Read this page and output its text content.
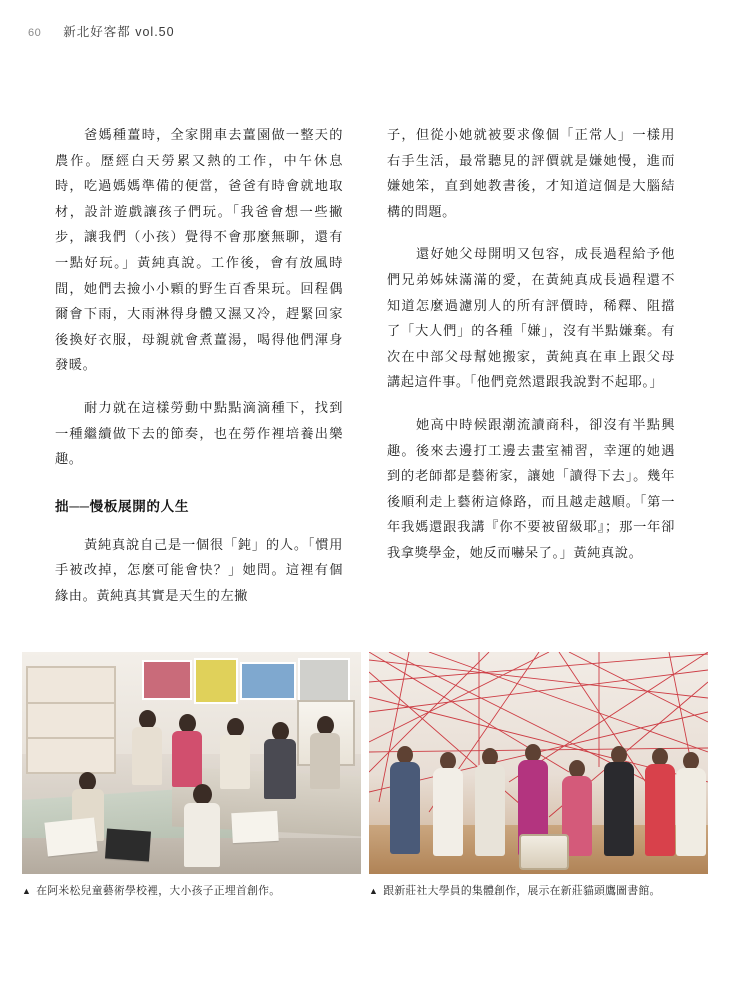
60 新北好客都 vol.50

爸媽種薑時，全家開車去薑園做一整天的農作。歷經白天勞累又熱的工作，中午休息時，吃過媽媽準備的便當，爸爸有時會就地取材，設計遊戲讓孩子們玩。「我爸會想一些撇步，讓我們（小孩）覺得不會那麼無聊，還有一點好玩。」黃純真說。工作後，會有放風時間，她們去撿小小顆的野生百香果玩。回程偶爾會下雨，大雨淋得身體又濕又冷，趕緊回家後換好衣服，母親就會煮薑湯，喝得他們渾身發暖。

耐力就在這樣勞動中點點滴滴種下，找到一種繼續做下去的節奏，也在勞作裡培養出樂趣。

拙──慢板展開的人生

黃純真說自己是一個很「鈍」的人。「慣用手被改掉，怎麼可能會快？」她問。這裡有個緣由。黃純真其實是天生的左撇

子，但從小她就被要求像個「正常人」一樣用右手生活，最常聽見的評價就是嫌她慢，進而嫌她笨，直到她教書後，才知道這個是大腦結構的問題。

還好她父母開明又包容，成長過程給予他們兄弟姊妹滿滿的愛，在黃純真成長過程還不知道怎麼過濾別人的所有評價時，稀釋、阻擋了「大人們」的各種「嫌」，沒有半點嫌棄。有次在中部父母幫她搬家，黃純真在車上跟父母講起這件事。「他們竟然還跟我說對不起耶。」

她高中時候跟潮流讀商科，卻沒有半點興趣。後來去邊打工邊去畫室補習，幸運的她遇到的老師都是藝術家，讓她「讀得下去」。幾年後順利走上藝術這條路，而且越走越順。「第一年我媽還跟我講『你不要被留級耶』；那一年卻我拿獎學金，她反而嚇呆了。」黃純真說。

▲ 在阿米松兒童藝術學校裡，大小孩子正埋首創作。	▲ 跟新莊社大學員的集體創作，展示在新莊貓頭鷹圖書館。
